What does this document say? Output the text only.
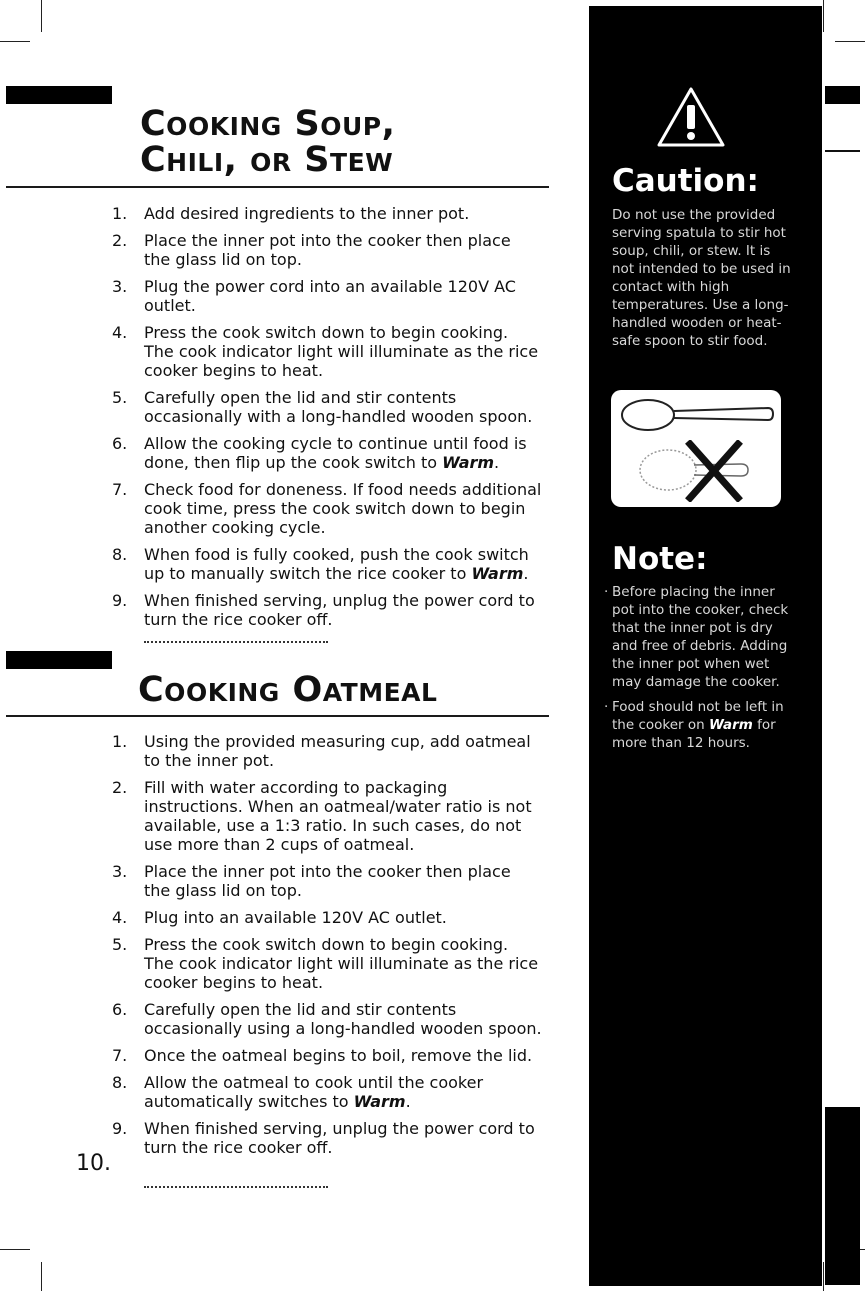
Cooking Soup,
Chili, or Stew
1. Add desired ingredients to the inner pot.
2. Place the inner pot into the cooker then place the glass lid on top.
3. Plug the power cord into an available 120V AC outlet.
4. Press the cook switch down to begin cooking. The cook indicator light will illuminate as the rice cooker begins to heat.
5. Carefully open the lid and stir contents occasionally with a long-handled wooden spoon.
6. Allow the cooking cycle to continue until food is done, then flip up the cook switch to Warm.
7. Check food for doneness. If food needs additional cook time, press the cook switch down to begin another cooking cycle.
8. When food is fully cooked, push the cook switch up to manually switch the rice cooker to Warm.
9. When finished serving, unplug the power cord to turn the rice cooker off.
Cooking Oatmeal
1. Using the provided measuring cup, add oatmeal to the inner pot.
2. Fill with water according to packaging instructions. When an oatmeal/water ratio is not available, use a 1:3 ratio. In such cases, do not use more than 2 cups of oatmeal.
3. Place the inner pot into the cooker then place the glass lid on top.
4. Plug into an available 120V AC outlet.
5. Press the cook switch down to begin cooking. The cook indicator light will illuminate as the rice cooker begins to heat.
6. Carefully open the lid and stir contents occasionally using a long-handled wooden spoon.
7. Once the oatmeal begins to boil, remove the lid.
8. Allow the oatmeal to cook until the cooker automatically switches to Warm.
9. When finished serving, unplug the power cord to turn the rice cooker off.
10.
Caution:
Do not use the provided serving spatula to stir hot soup, chili, or stew. It is not intended to be used in contact with high temperatures. Use a long-handled wooden or heat-safe spoon to stir food.
Note:
· Before placing the inner pot into the cooker, check that the inner pot is dry and free of debris. Adding the inner pot when wet may damage the cooker.
· Food should not be left in the cooker on Warm for more than 12 hours.
